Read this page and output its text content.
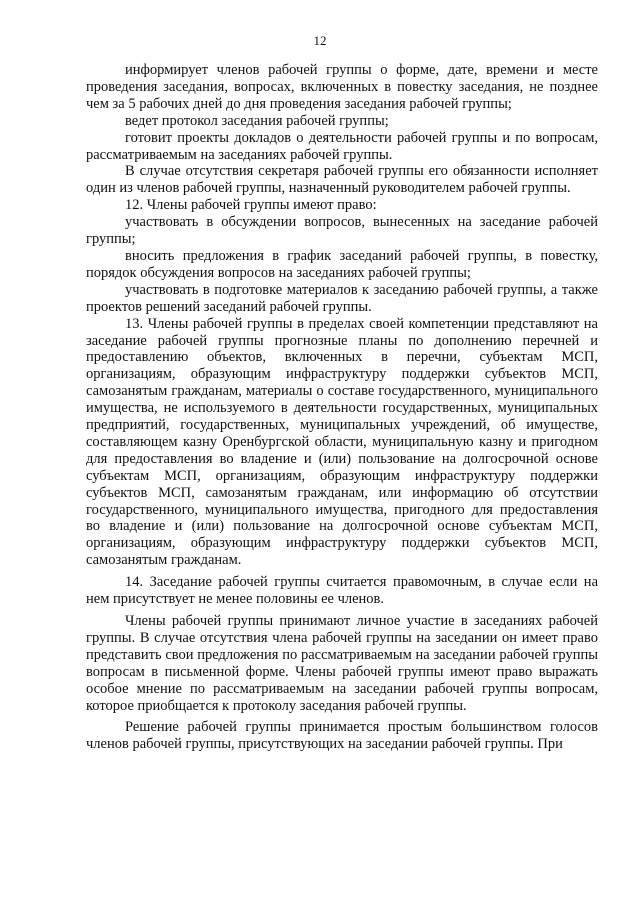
12

информирует членов рабочей группы о форме, дате, времени и месте проведения заседания, вопросах, включенных в повестку заседания, не позднее чем за 5 рабочих дней до дня проведения заседания рабочей группы;

ведет протокол заседания рабочей группы;

готовит проекты докладов о деятельности рабочей группы и по вопросам, рассматриваемым на заседаниях рабочей группы.

В случае отсутствия секретаря рабочей группы его обязанности исполняет один из членов рабочей группы, назначенный руководителем рабочей группы.

12. Члены рабочей группы имеют право:

участвовать в обсуждении вопросов, вынесенных на заседание рабочей группы;

вносить предложения в график заседаний рабочей группы, в повестку, порядок обсуждения вопросов на заседаниях рабочей группы;

участвовать в подготовке материалов к заседанию рабочей группы, а также проектов решений заседаний рабочей группы.

13. Члены рабочей группы в пределах своей компетенции представляют на заседание рабочей группы прогнозные планы по дополнению перечней и предоставлению объектов, включенных в перечни, субъектам МСП, организациям, образующим инфраструктуру поддержки субъектов МСП, самозанятым гражданам, материалы о составе государственного, муниципального имущества, не используемого в деятельности государственных, муниципальных предприятий, государственных, муниципальных учреждений, об имуществе, составляющем казну Оренбургской области, муниципальную казну и пригодном для предоставления во владение и (или) пользование на долгосрочной основе субъектам МСП, организациям, образующим инфраструктуру поддержки субъектов МСП, самозанятым гражданам, или информацию об отсутствии государственного, муниципального имущества, пригодного для предоставления во владение и (или) пользование на долгосрочной основе субъектам МСП, организациям, образующим инфраструктуру поддержки субъектов МСП, самозанятым гражданам.

14. Заседание рабочей группы считается правомочным, в случае если на нем присутствует не менее половины ее членов.

Члены рабочей группы принимают личное участие в заседаниях рабочей группы. В случае отсутствия члена рабочей группы на заседании он имеет право представить свои предложения по рассматриваемым на заседании рабочей группы вопросам в письменной форме. Члены рабочей группы имеют право выражать особое мнение по рассматриваемым на заседании рабочей группы вопросам, которое приобщается к протоколу заседания рабочей группы.

Решение рабочей группы принимается простым большинством голосов членов рабочей группы, присутствующих на заседании рабочей группы. При
